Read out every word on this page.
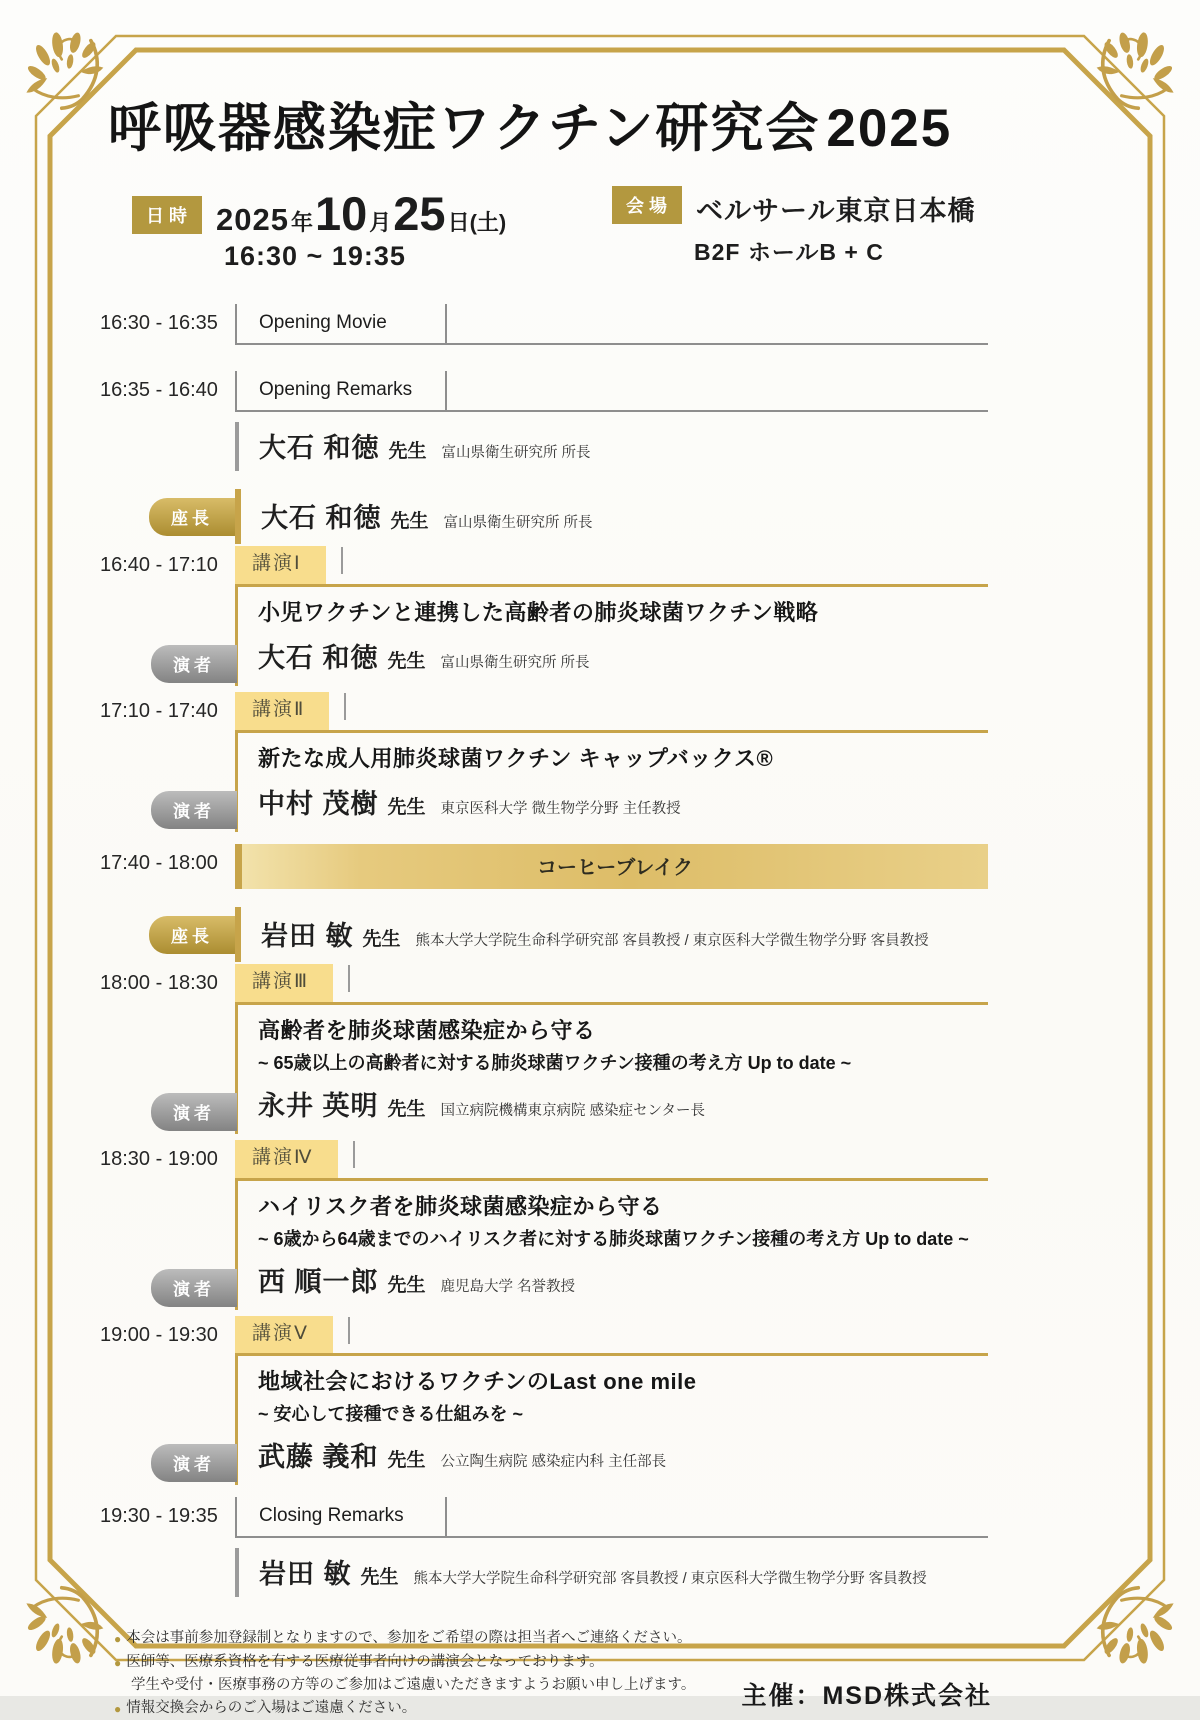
呼吸器感染症ワクチン研究会 2025
日時 2025年10月25日(土)
16:30 ~ 19:35
会場 ベルサール東京日本橋
B2F ホールB + C
16:30 - 16:35	Opening Movie
16:35 - 16:40	Opening Remarks
大石 和徳 先生 富山県衛生研究所 所長
座長	大石 和徳 先生 富山県衛生研究所 所長
16:40 - 17:10	講演Ⅰ
小児ワクチンと連携した高齢者の肺炎球菌ワクチン戦略
演者	大石 和徳 先生 富山県衛生研究所 所長
17:10 - 17:40	講演Ⅱ
新たな成人用肺炎球菌ワクチン キャップバックス®
演者	中村 茂樹 先生 東京医科大学 微生物学分野 主任教授
17:40 - 18:00	コーヒーブレイク
座長	岩田 敏 先生 熊本大学大学院生命科学研究部 客員教授 / 東京医科大学微生物学分野 客員教授
18:00 - 18:30	講演Ⅲ
高齢者を肺炎球菌感染症から守る
~ 65歳以上の高齢者に対する肺炎球菌ワクチン接種の考え方 Up to date ~
演者	永井 英明 先生 国立病院機構東京病院 感染症センター長
18:30 - 19:00	講演Ⅳ
ハイリスク者を肺炎球菌感染症から守る
~ 6歳から64歳までのハイリスク者に対する肺炎球菌ワクチン接種の考え方 Up to date ~
演者	西 順一郎 先生 鹿児島大学 名誉教授
19:00 - 19:30	講演Ⅴ
地域社会におけるワクチンのLast one mile
~ 安心して接種できる仕組みを ~
演者	武藤 義和 先生 公立陶生病院 感染症内科 主任部長
19:30 - 19:35	Closing Remarks
岩田 敏 先生 熊本大学大学院生命科学研究部 客員教授 / 東京医科大学微生物学分野 客員教授
● 本会は事前参加登録制となりますので、参加をご希望の際は担当者へご連絡ください。
● 医師等、医療系資格を有する医療従事者向けの講演会となっております。
学生や受付・医療事務の方等のご参加はご遠慮いただきますようお願い申し上げます。
● 情報交換会からのご入場はご遠慮ください。	主催：MSD株式会社
